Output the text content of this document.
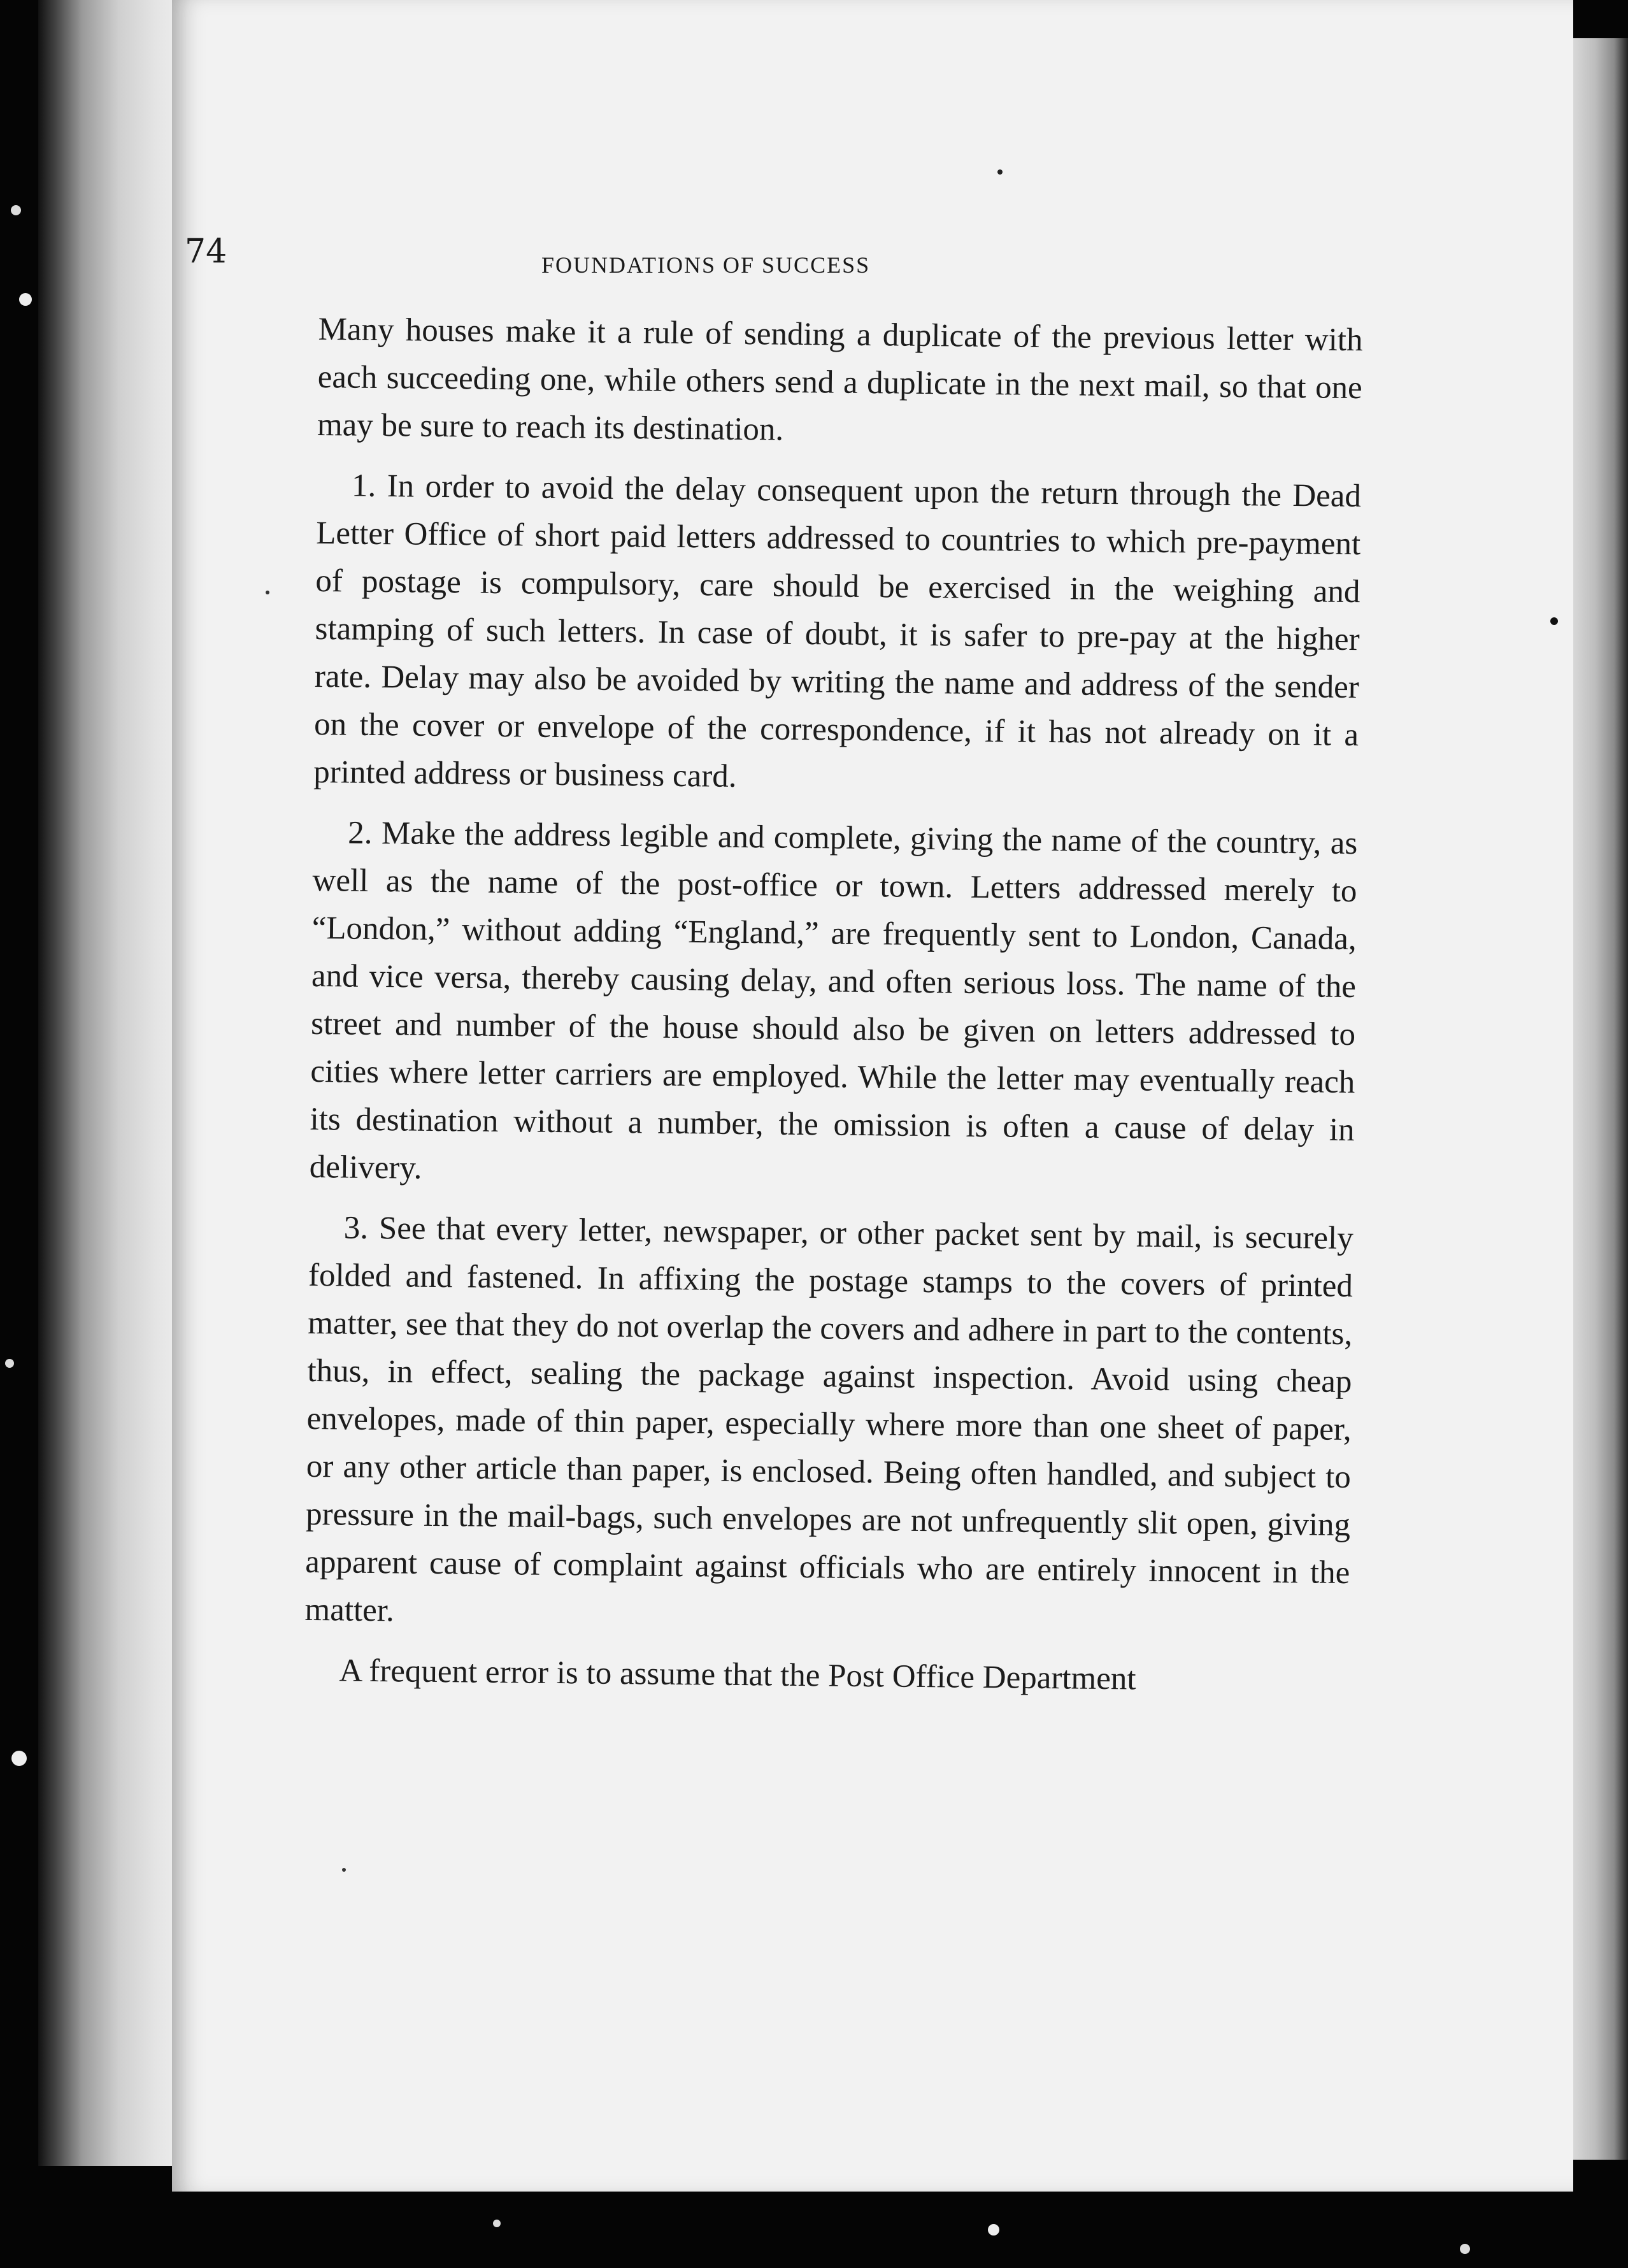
74	FOUNDATIONS OF SUCCESS

Many houses make it a rule of sending a duplicate of the previous letter with each succeeding one, while others send a duplicate in the next mail, so that one may be sure to reach its destination.

1. In order to avoid the delay consequent upon the return through the Dead Letter Office of short paid letters addressed to countries to which pre-payment of postage is compulsory, care should be exercised in the weighing and stamping of such letters. In case of doubt, it is safer to pre-pay at the higher rate. Delay may also be avoided by writing the name and address of the sender on the cover or envelope of the correspondence, if it has not already on it a printed address or business card.

2. Make the address legible and complete, giving the name of the country, as well as the name of the post-office or town. Letters addressed merely to “London,” without adding “England,” are frequently sent to London, Canada, and vice versa, thereby causing delay, and often serious loss. The name of the street and number of the house should also be given on letters addressed to cities where letter carriers are employed. While the letter may eventually reach its destination without a number, the omission is often a cause of delay in delivery.

3. See that every letter, newspaper, or other packet sent by mail, is securely folded and fastened. In affixing the postage stamps to the covers of printed matter, see that they do not overlap the covers and adhere in part to the contents, thus, in effect, sealing the package against inspection. Avoid using cheap envelopes, made of thin paper, especially where more than one sheet of paper, or any other article than paper, is enclosed. Being often handled, and subject to pressure in the mail-bags, such envelopes are not unfrequently slit open, giving apparent cause of complaint against officials who are entirely innocent in the matter.

A frequent error is to assume that the Post Office Department
